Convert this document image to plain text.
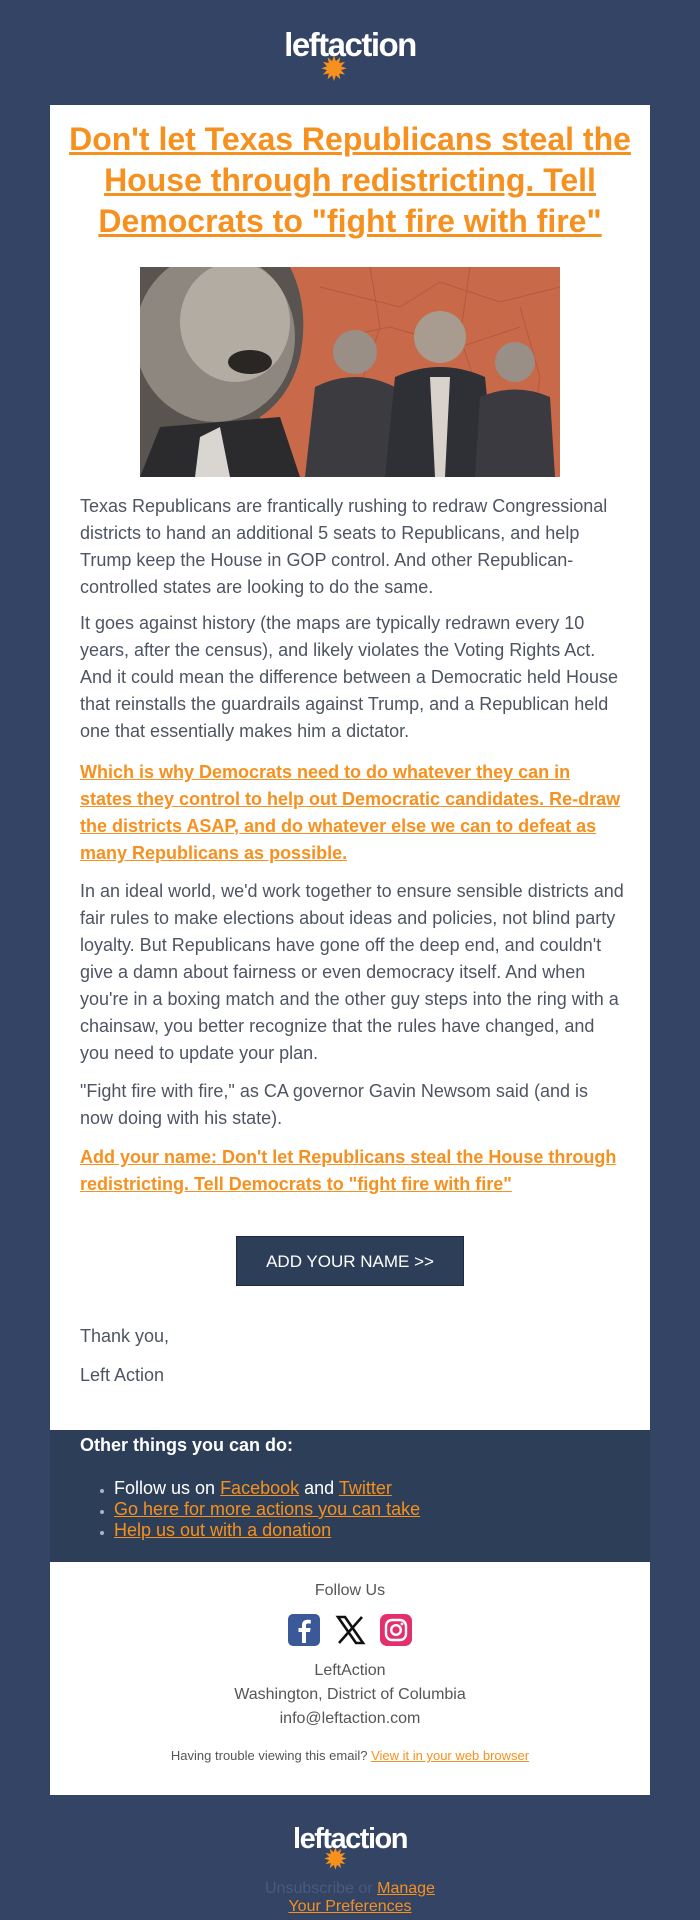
left
✹
action
Don't let Texas Republicans steal the House through redistricting. Tell Democrats to "fight fire with fire"
Texas Republicans are frantically rushing to redraw Congressional districts to hand an additional 5 seats to Republicans, and help Trump keep the House in GOP control. And other Republican-controlled states are looking to do the same.
It goes against history (the maps are typically redrawn every 10 years, after the census), and likely violates the Voting Rights Act. And it could mean the difference between a Democratic held House that reinstalls the guardrails against Trump, and a Republican held one that essentially makes him a dictator.
Which is why Democrats need to do whatever they can in states they control to help out Democratic candidates. Re-draw the districts ASAP, and do whatever else we can to defeat as many Republicans as possible.
In an ideal world, we'd work together to ensure sensible districts and fair rules to make elections about ideas and policies, not blind party loyalty. But Republicans have gone off the deep end, and couldn't give a damn about fairness or even democracy itself. And when you're in a boxing match and the other guy steps into the ring with a chainsaw, you better recognize that the rules have changed, and you need to update your plan.
"Fight fire with fire," as CA governor Gavin Newsom said (and is now doing with his state).
Add your name: Don't let Republicans steal the House through redistricting. Tell Democrats to "fight fire with fire"
ADD YOUR NAME >>
Thank you,
Left Action
Other things you can do:
• Follow us on Facebook and Twitter
• Go here for more actions you can take
• Help us out with a donation
Follow Us

LeftAction
Washington, District of Columbia
info@leftaction.com
Having trouble viewing this email? View it in your web browser
left
✹
action
Unsubscribe or Manage
Your Preferences
